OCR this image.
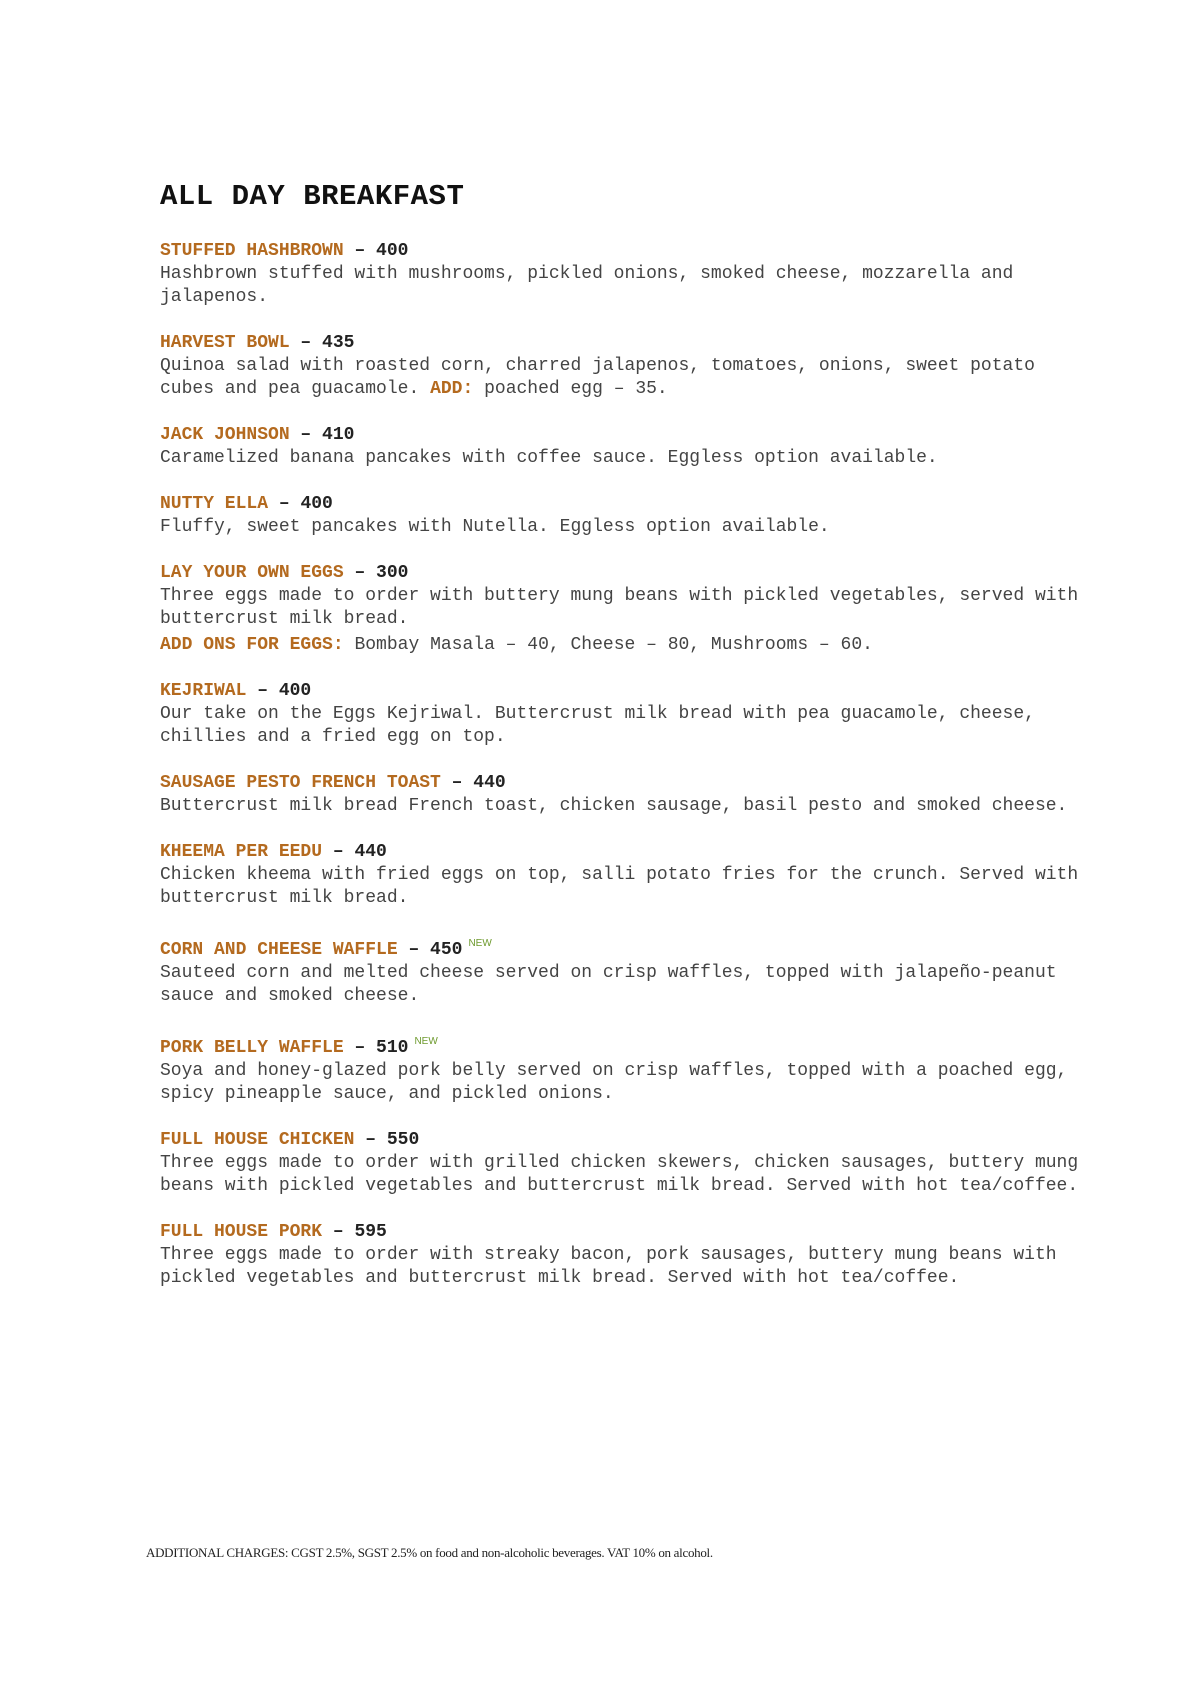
ALL DAY BREAKFAST
STUFFED HASHBROWN – 400

Hashbrown stuffed with mushrooms, pickled onions, smoked cheese, mozzarella and jalapenos.

HARVEST BOWL – 435

Quinoa salad with roasted corn, charred jalapenos, tomatoes, onions, sweet potato cubes and pea guacamole. ADD: poached egg – 35.

JACK JOHNSON – 410

Caramelized banana pancakes with coffee sauce. Eggless option available.

NUTTY ELLA – 400

Fluffy, sweet pancakes with Nutella. Eggless option available.

LAY YOUR OWN EGGS – 300

Three eggs made to order with buttery mung beans with pickled vegetables, served with buttercrust milk bread.

ADD ONS FOR EGGS: Bombay Masala – 40, Cheese – 80, Mushrooms – 60.

KEJRIWAL – 400

Our take on the Eggs Kejriwal. Buttercrust milk bread with pea guacamole, cheese, chillies and a fried egg on top.

SAUSAGE PESTO FRENCH TOAST – 440

Buttercrust milk bread French toast, chicken sausage, basil pesto and smoked cheese.

KHEEMA PER EEDU – 440

Chicken kheema with fried eggs on top, salli potato fries for the crunch. Served with buttercrust milk bread.

CORN AND CHEESE WAFFLE – 450 $^{NEW}$

Sauteed corn and melted cheese served on crisp waffles, topped with jalapeño-peanut sauce and smoked cheese.

PORK BELLY WAFFLE – 510 $^{NEW}$

Soya and honey-glazed pork belly served on crisp waffles, topped with a poached egg, spicy pineapple sauce, and pickled onions.

FULL HOUSE CHICKEN – 550

Three eggs made to order with grilled chicken skewers, chicken sausages, buttery mung beans with pickled vegetables and buttercrust milk bread. Served with hot tea/coffee.

FULL HOUSE PORK – 595

Three eggs made to order with streaky bacon, pork sausages, buttery mung beans with pickled vegetables and buttercrust milk bread. Served with hot tea/coffee.

ADDITIONAL CHARGES: CGST 2.5%, SGST 2.5% on food and non-alcoholic beverages. VAT 10% on alcohol.
